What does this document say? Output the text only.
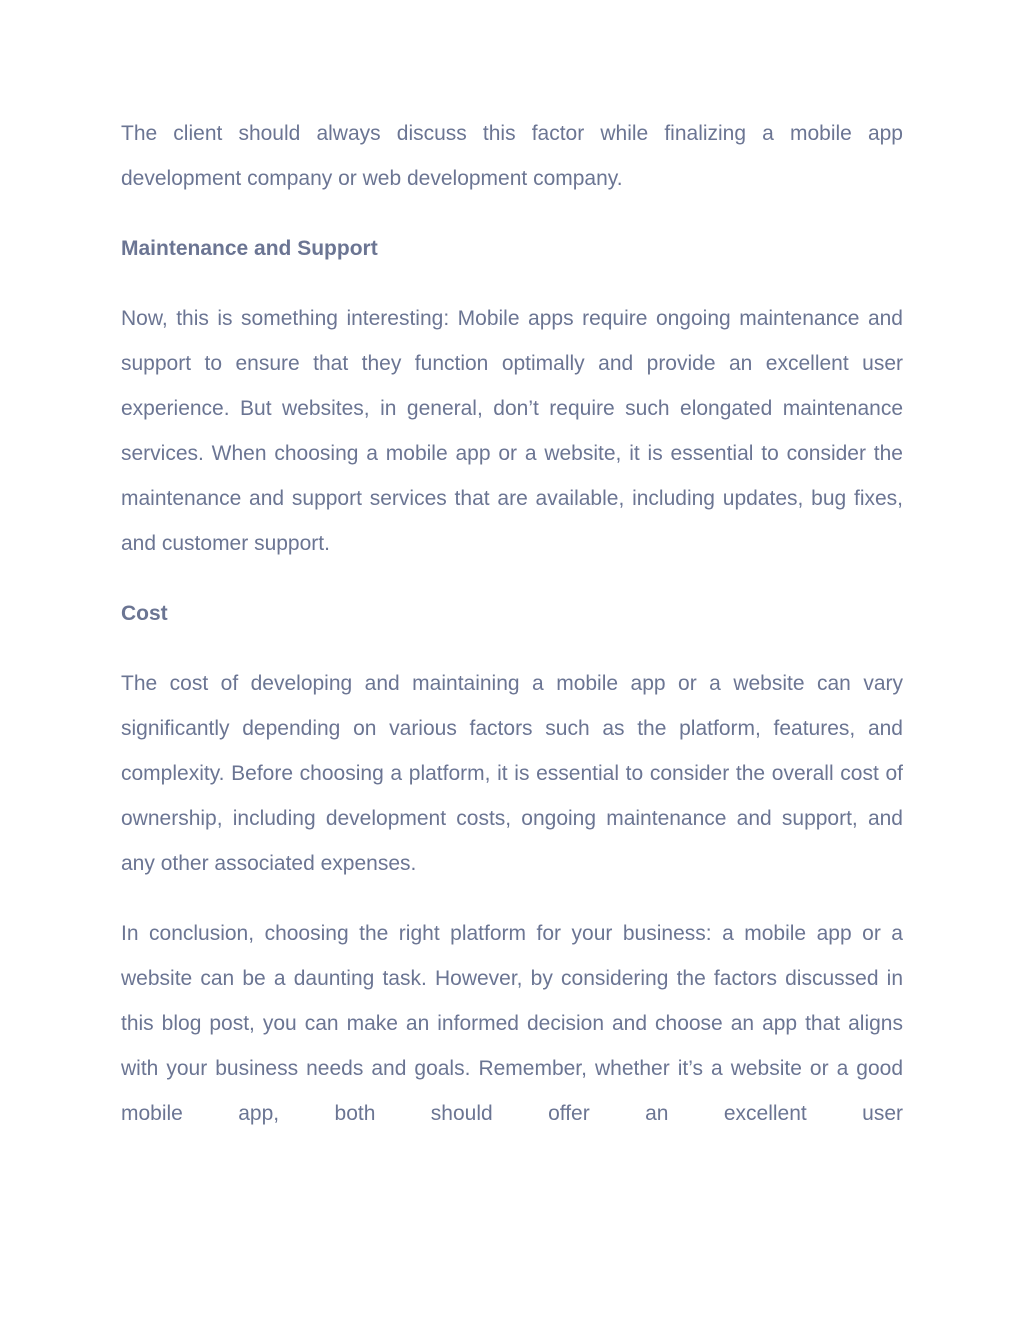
The client should always discuss this factor while finalizing a mobile app development company or web development company.

Maintenance and Support

Now, this is something interesting: Mobile apps require ongoing maintenance and support to ensure that they function optimally and provide an excellent user experience. But websites, in general, don’t require such elongated maintenance services. When choosing a mobile app or a website, it is essential to consider the maintenance and support services that are available, including updates, bug fixes, and customer support.

Cost

The cost of developing and maintaining a mobile app or a website can vary significantly depending on various factors such as the platform, features, and complexity. Before choosing a platform, it is essential to consider the overall cost of ownership, including development costs, ongoing maintenance and support, and any other associated expenses.

In conclusion, choosing the right platform for your business: a mobile app or a website can be a daunting task. However, by considering the factors discussed in this blog post, you can make an informed decision and choose an app that aligns with your business needs and goals. Remember, whether it’s a website or a good mobile app, both should offer an excellent user
